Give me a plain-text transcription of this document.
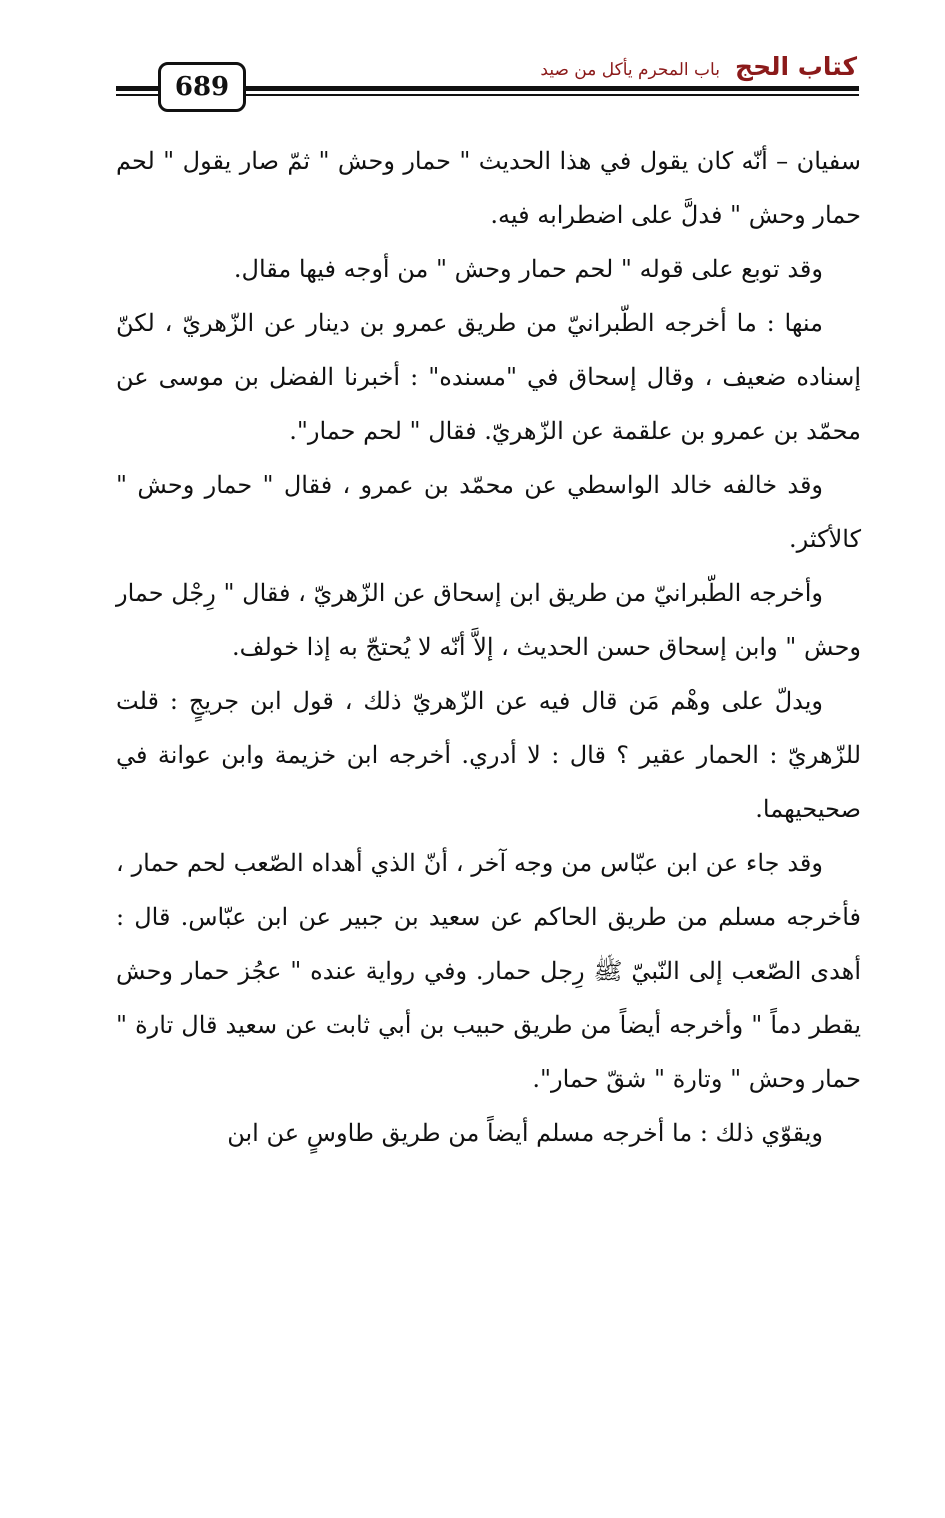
كتاب الحج باب المحرم يأكل من صيد
689

سفيان – أنّه كان يقول في هذا الحديث " حمار وحش " ثمّ صار يقول " لحم حمار وحش " فدلَّ على اضطرابه فيه.

وقد توبع على قوله " لحم حمار وحش " من أوجه فيها مقال.

منها : ما أخرجه الطّبرانيّ من طريق عمرو بن دينار عن الزّهريّ ، لكنّ إسناده ضعيف ، وقال إسحاق في "مسنده" : أخبرنا الفضل بن موسى عن محمّد بن عمرو بن علقمة عن الزّهريّ. فقال " لحم حمار".

وقد خالفه خالد الواسطي عن محمّد بن عمرو ، فقال " حمار وحش " كالأكثر.

وأخرجه الطّبرانيّ من طريق ابن إسحاق عن الزّهريّ ، فقال " رِجْل حمار وحش " وابن إسحاق حسن الحديث ، إلاَّ أنّه لا يُحتجّ به إذا خولف.

ويدلّ على وهْم مَن قال فيه عن الزّهريّ ذلك ، قول ابن جريجٍ : قلت للزّهريّ : الحمار عقير ؟ قال : لا أدري. أخرجه ابن خزيمة وابن عوانة في صحيحيهما.

وقد جاء عن ابن عبّاس من وجه آخر ، أنّ الذي أهداه الصّعب لحم حمار ، فأخرجه مسلم من طريق الحاكم عن سعيد بن جبير عن ابن عبّاس. قال : أهدى الصّعب إلى النّبيّ ﷺ رِجل حمار. وفي رواية عنده " عجُز حمار وحش يقطر دماً " وأخرجه أيضاً من طريق حبيب بن أبي ثابت عن سعيد قال تارة " حمار وحش " وتارة " شقّ حمار".

ويقوّي ذلك : ما أخرجه مسلم أيضاً من طريق طاوسٍ عن ابن
